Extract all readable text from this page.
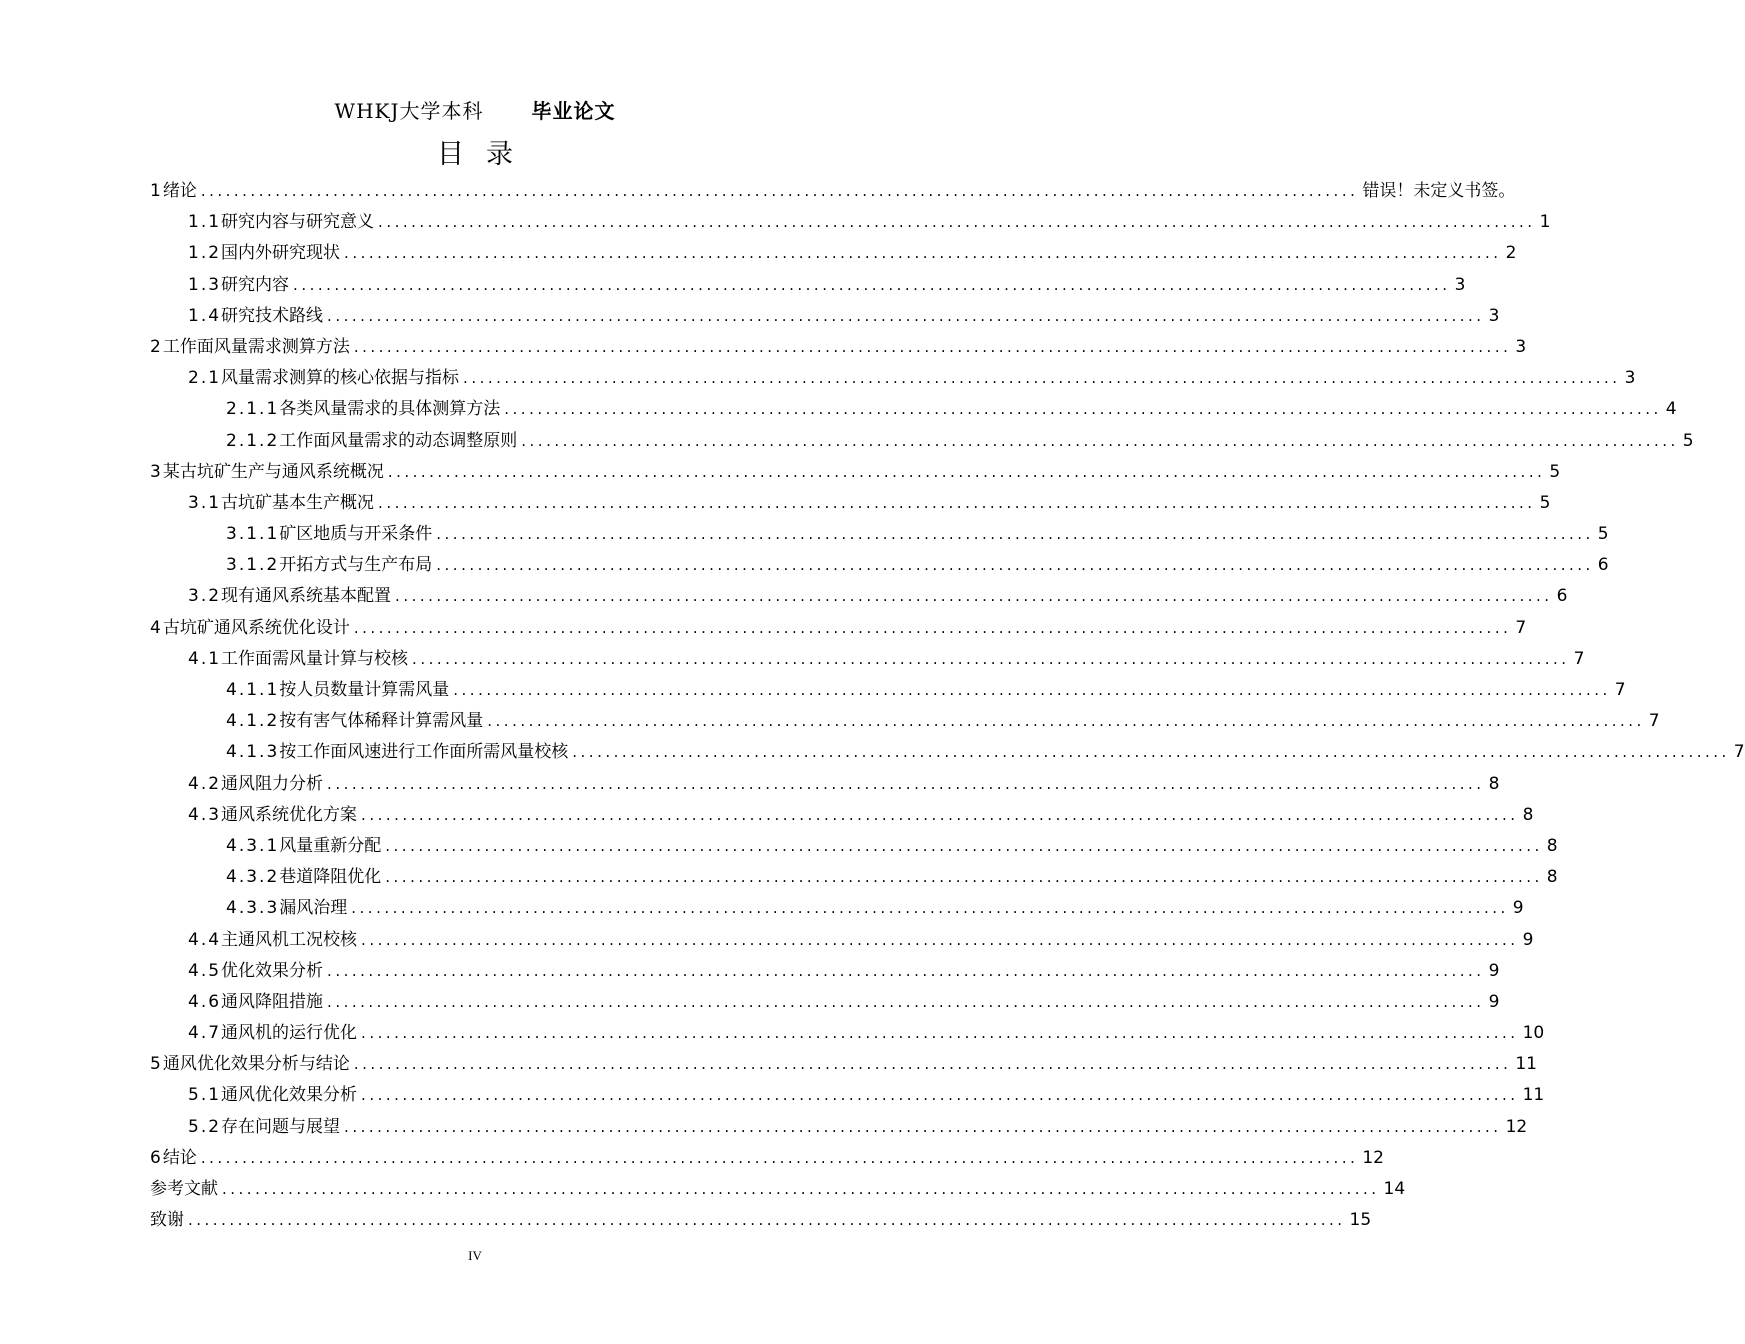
WHKJ大学本科 毕业论文
目录
1 绪论 ............................................................................................................................................ 错误！未定义书签。
1.1 研究内容与研究意义 ............................................................................................................................................ 1
1.2 国内外研究现状 ............................................................................................................................................ 2
1.3 研究内容 ............................................................................................................................................ 3
1.4 研究技术路线 ............................................................................................................................................ 3
2 工作面风量需求测算方法 ............................................................................................................................................ 3
2.1 风量需求测算的核心依据与指标 ............................................................................................................................................ 3
2.1.1 各类风量需求的具体测算方法 ............................................................................................................................................ 4
2.1.2 工作面风量需求的动态调整原则 ............................................................................................................................................ 5
3 某古坑矿生产与通风系统概况 ............................................................................................................................................ 5
3.1 古坑矿基本生产概况 ............................................................................................................................................ 5
3.1.1 矿区地质与开采条件 ............................................................................................................................................ 5
3.1.2 开拓方式与生产布局 ............................................................................................................................................ 6
3.2 现有通风系统基本配置 ............................................................................................................................................ 6
4 古坑矿通风系统优化设计 ............................................................................................................................................ 7
4.1 工作面需风量计算与校核 ............................................................................................................................................ 7
4.1.1 按人员数量计算需风量 ............................................................................................................................................ 7
4.1.2 按有害气体稀释计算需风量 ............................................................................................................................................ 7
4.1.3 按工作面风速进行工作面所需风量校核 ............................................................................................................................................ 7
4.2 通风阻力分析 ............................................................................................................................................ 8
4.3 通风系统优化方案 ............................................................................................................................................ 8
4.3.1 风量重新分配 ............................................................................................................................................ 8
4.3.2 巷道降阻优化 ............................................................................................................................................ 8
4.3.3 漏风治理 ............................................................................................................................................ 9
4.4 主通风机工况校核 ............................................................................................................................................ 9
4.5 优化效果分析 ............................................................................................................................................ 9
4.6 通风降阻措施 ............................................................................................................................................ 9
4.7 通风机的运行优化 ............................................................................................................................................ 10
5 通风优化效果分析与结论 ............................................................................................................................................ 11
5.1 通风优化效果分析 ............................................................................................................................................ 11
5.2 存在问题与展望 ............................................................................................................................................ 12
6 结论 ............................................................................................................................................ 12
参考文献 ............................................................................................................................................ 14
致谢 ............................................................................................................................................ 15
IV
